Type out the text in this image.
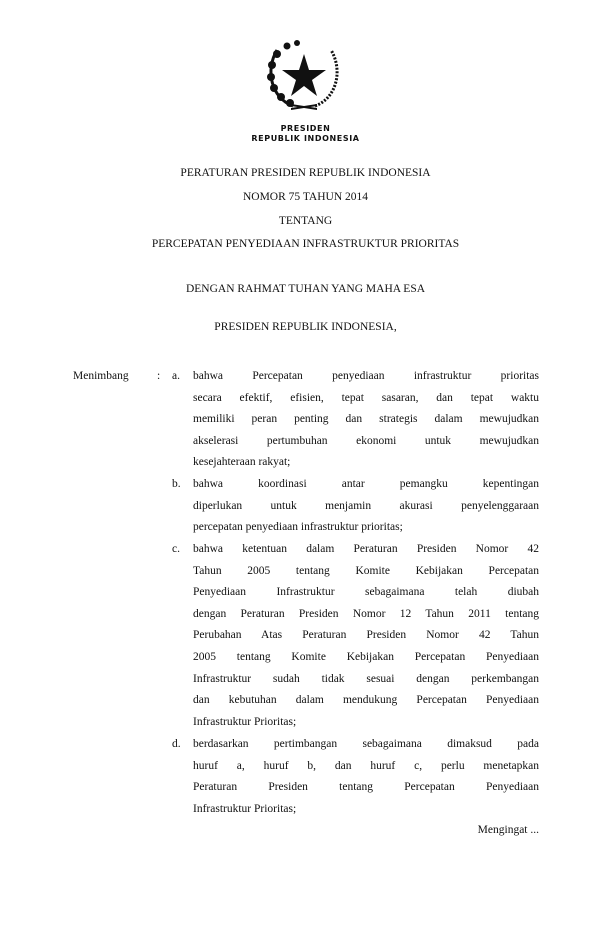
PRESIDEN
REPUBLIK INDONESIA
PERATURAN PRESIDEN REPUBLIK INDONESIA
NOMOR 75 TAHUN 2014
TENTANG
PERCEPATAN PENYEDIAAN INFRASTRUKTUR PRIORITAS
DENGAN RAHMAT TUHAN YANG MAHA ESA
PRESIDEN REPUBLIK INDONESIA,
Menimbang : a. bahwa Percepatan penyediaan infrastruktur prioritas
secara efektif, efisien, tepat sasaran, dan tepat waktu
memiliki peran penting dan strategis dalam mewujudkan
akselerasi pertumbuhan ekonomi untuk mewujudkan
kesejahteraan rakyat;
b. bahwa koordinasi antar pemangku kepentingan
diperlukan untuk menjamin akurasi penyelenggaraan
percepatan penyediaan infrastruktur prioritas;
c. bahwa ketentuan dalam Peraturan Presiden Nomor 42
Tahun 2005 tentang Komite Kebijakan Percepatan
Penyediaan Infrastruktur sebagaimana telah diubah
dengan Peraturan Presiden Nomor 12 Tahun 2011 tentang
Perubahan Atas Peraturan Presiden Nomor 42 Tahun
2005 tentang Komite Kebijakan Percepatan Penyediaan
Infrastruktur sudah tidak sesuai dengan perkembangan
dan kebutuhan dalam mendukung Percepatan Penyediaan
Infrastruktur Prioritas;
d. berdasarkan pertimbangan sebagaimana dimaksud pada
huruf a, huruf b, dan huruf c, perlu menetapkan
Peraturan Presiden tentang Percepatan Penyediaan
Infrastruktur Prioritas;
Mengingat ...
